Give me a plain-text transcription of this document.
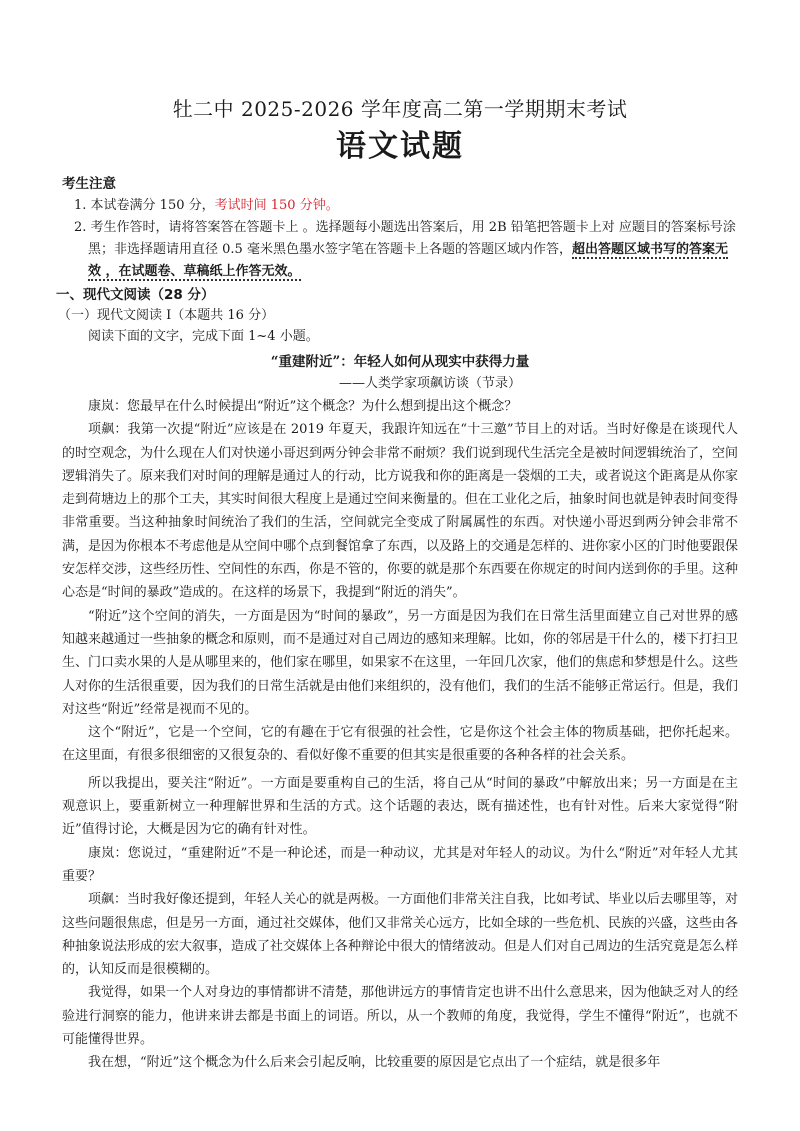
牡二中 2025-2026 学年度高二第一学期期末考试
语文试题

考生注意

1. 本试卷满分 150 分，考试时间 150 分钟。

2. 考生作答时，请将答案答在答题卡上 。选择题每小题选出答案后，用 2B 铅笔把答题卡上对 应题目的答案标号涂黑；非选择题请用直径 0.5 毫米黑色墨水签字笔在答题卡上各题的答题区域内作答，超出答题区域书写的答案无效 ，在试题卷、草稿纸上作答无效。

一、现代文阅读（28 分）

（一）现代文阅读 I（本题共 16 分）

阅读下面的文字，完成下面 1~4 小题。

“重建附近”：年轻人如何从现实中获得力量

——人类学家项飙访谈（节录）

康岚：您最早在什么时候提出“附近”这个概念？为什么想到提出这个概念？

项飙：我第一次提“附近”应该是在 2019 年夏天，我跟许知远在“十三邀”节目上的对话。当时好像是在谈现代人的时空观念，为什么现在人们对快递小哥迟到两分钟会非常不耐烦？我们说到现代生活完全是被时间逻辑统治了，空间逻辑消失了。原来我们对时间的理解是通过人的行动，比方说我和你的距离是一袋烟的工夫，或者说这个距离是从你家走到荷塘边上的那个工夫，其实时间很大程度上是通过空间来衡量的。但在工业化之后，抽象时间也就是钟表时间变得非常重要。当这种抽象时间统治了我们的生活，空间就完全变成了附属属性的东西。对快递小哥迟到两分钟会非常不满，是因为你根本不考虑他是从空间中哪个点到餐馆拿了东西，以及路上的交通是怎样的、进你家小区的门时他要跟保安怎样交涉，这些经历性、空间性的东西，你是不管的，你要的就是那个东西要在你规定的时间内送到你的手里。这种心态是“时间的暴政”造成的。在这样的场景下，我提到“附近的消失”。

“附近”这个空间的消失，一方面是因为“时间的暴政”，另一方面是因为我们在日常生活里面建立自己对世界的感知越来越通过一些抽象的概念和原则，而不是通过对自己周边的感知来理解。比如，你的邻居是干什么的，楼下打扫卫生、门口卖水果的人是从哪里来的，他们家在哪里，如果家不在这里，一年回几次家，他们的焦虑和梦想是什么。这些人对你的生活很重要，因为我们的日常生活就是由他们来组织的，没有他们，我们的生活不能够正常运行。但是，我们对这些“附近”经常是视而不见的。

这个“附近”，它是一个空间，它的有趣在于它有很强的社会性，它是你这个社会主体的物质基础，把你托起来。在这里面，有很多很细密的又很复杂的、看似好像不重要的但其实是很重要的各种各样的社会关系。

所以我提出，要关注“附近”。一方面是要重构自己的生活，将自己从“时间的暴政”中解放出来；另一方面是在主观意识上，要重新树立一种理解世界和生活的方式。这个话题的表达，既有描述性，也有针对性。后来大家觉得“附近”值得讨论，大概是因为它的确有针对性。

康岚：您说过，“重建附近”不是一种论述，而是一种动议，尤其是对年轻人的动议。为什么“附近”对年轻人尤其重要？

项飙：当时我好像还提到，年轻人关心的就是两极。一方面他们非常关注自我，比如考试、毕业以后去哪里等，对这些问题很焦虑，但是另一方面，通过社交媒体，他们又非常关心远方，比如全球的一些危机、民族的兴盛，这些由各种抽象说法形成的宏大叙事，造成了社交媒体上各种辩论中很大的情绪波动。但是人们对自己周边的生活究竟是怎么样的，认知反而是很模糊的。

我觉得，如果一个人对身边的事情都讲不清楚，那他讲远方的事情肯定也讲不出什么意思来，因为他缺乏对人的经验进行洞察的能力，他讲来讲去都是书面上的词语。所以，从一个教师的角度，我觉得，学生不懂得“附近”，也就不可能懂得世界。

我在想，“附近”这个概念为什么后来会引起反响，比较重要的原因是它点出了一个症结，就是很多年
